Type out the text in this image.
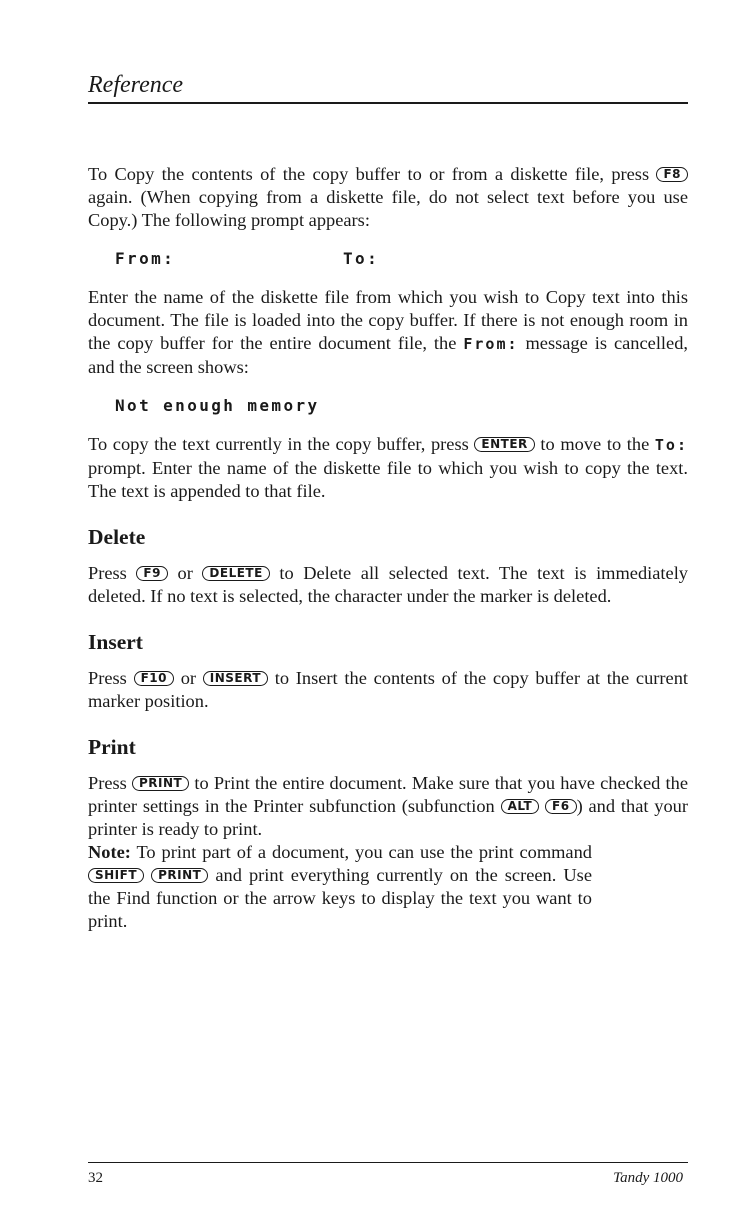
Reference

To Copy the contents of the copy buffer to or from a diskette file, press F8 again. (When copying from a diskette file, do not select text before you use Copy.) The following prompt appears:

From:	To:

Enter the name of the diskette file from which you wish to Copy text into this document. The file is loaded into the copy buffer. If there is not enough room in the copy buffer for the entire document file, the From: message is cancelled, and the screen shows:

Not enough memory

To copy the text currently in the copy buffer, press ENTER to move to the To: prompt. Enter the name of the diskette file to which you wish to copy the text. The text is appended to that file.

Delete

Press F9 or DELETE to Delete all selected text. The text is immediately deleted. If no text is selected, the character under the marker is deleted.

Insert

Press F10 or INSERT to Insert the contents of the copy buffer at the current marker position.

Print

Press PRINT to Print the entire document. Make sure that you have checked the printer settings in the Printer subfunction (subfunction ALT F6 ) and that your printer is ready to print.

Note: To print part of a document, you can use the print command SHIFT PRINT and print everything currently on the screen. Use the Find function or the arrow keys to display the text you want to print.

32	Tandy 1000
